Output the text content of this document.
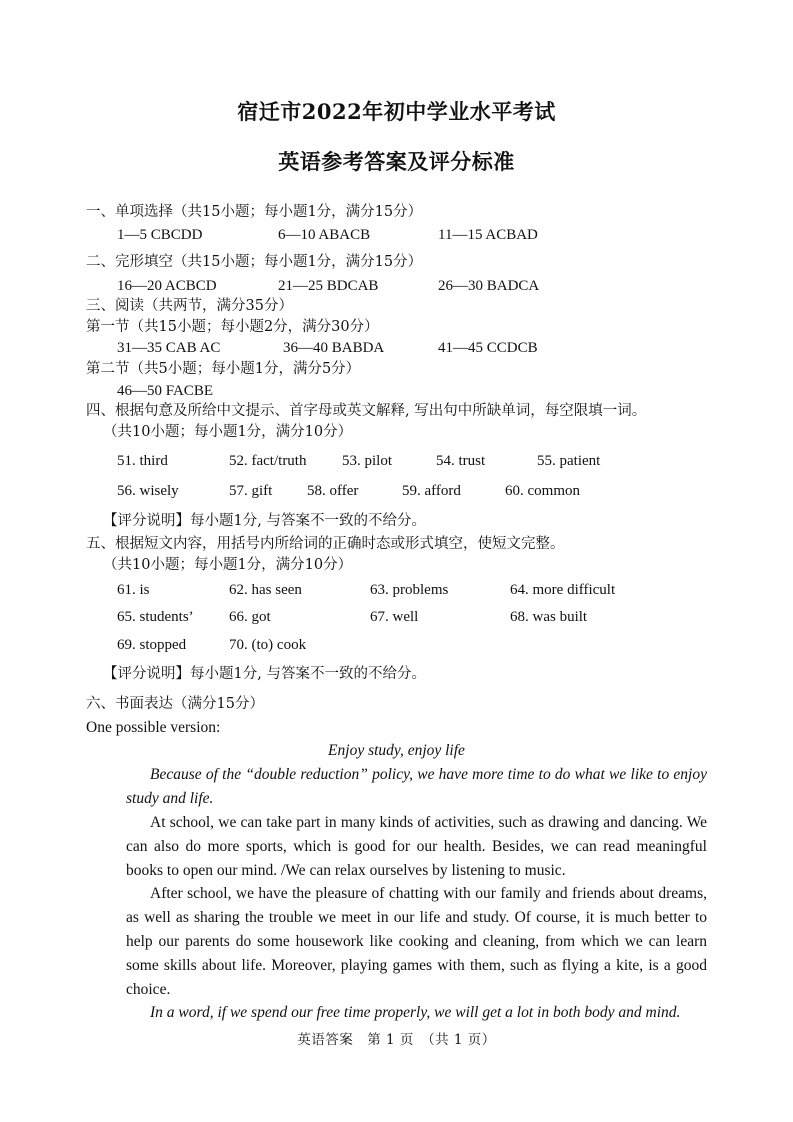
宿迁市2022年初中学业水平考试
英语参考答案及评分标准
一、单项选择（共15小题；每小题1分，满分15分）
1—5 CBCDD	6—10 ABACB	11—15 ACBAD
二、完形填空（共15小题；每小题1分，满分15分）
16—20 ACBCD	21—25 BDCAB	26—30 BADCA
三、阅读（共两节，满分35分）
第一节（共15小题；每小题2分，满分30分）
31—35 CAB AC	36—40 BABDA	41—45 CCDCB
第二节（共5小题；每小题1分，满分5分）
46—50 FACBE
四、根据句意及所给中文提示、首字母或英文解释, 写出句中所缺单词，每空限填一词。
（共10小题；每小题1分，满分10分）
51. third	52. fact/truth 53. pilot	54. trust	55. patient
56. wisely	57. gift 58. offer	59. afford	60. common
【评分说明】每小题1分, 与答案不一致的不给分。
五、根据短文内容，用括号内所给词的正确时态或形式填空，使短文完整。
（共10小题；每小题1分，满分10分）
61. is	62. has seen	63. problems	64. more difficult
65. students’ 66. got	67. well	68. was built
69. stopped	70. (to) cook
【评分说明】每小题1分, 与答案不一致的不给分。
六、书面表达（满分15分）
One possible version:
Enjoy study, enjoy life
Because of the “double reduction” policy, we have more time to do what we like to enjoy study and life.
At school, we can take part in many kinds of activities, such as drawing and dancing. We can also do more sports, which is good for our health. Besides, we can read meaningful books to open our mind. /We can relax ourselves by listening to music.
After school, we have the pleasure of chatting with our family and friends about dreams, as well as sharing the trouble we meet in our life and study. Of course, it is much better to help our parents do some housework like cooking and cleaning, from which we can learn some skills about life. Moreover, playing games with them, such as flying a kite, is a good choice.
In a word, if we spend our free time properly, we will get a lot in both body and mind.
英语答案　第 1 页　（共 1 页）
